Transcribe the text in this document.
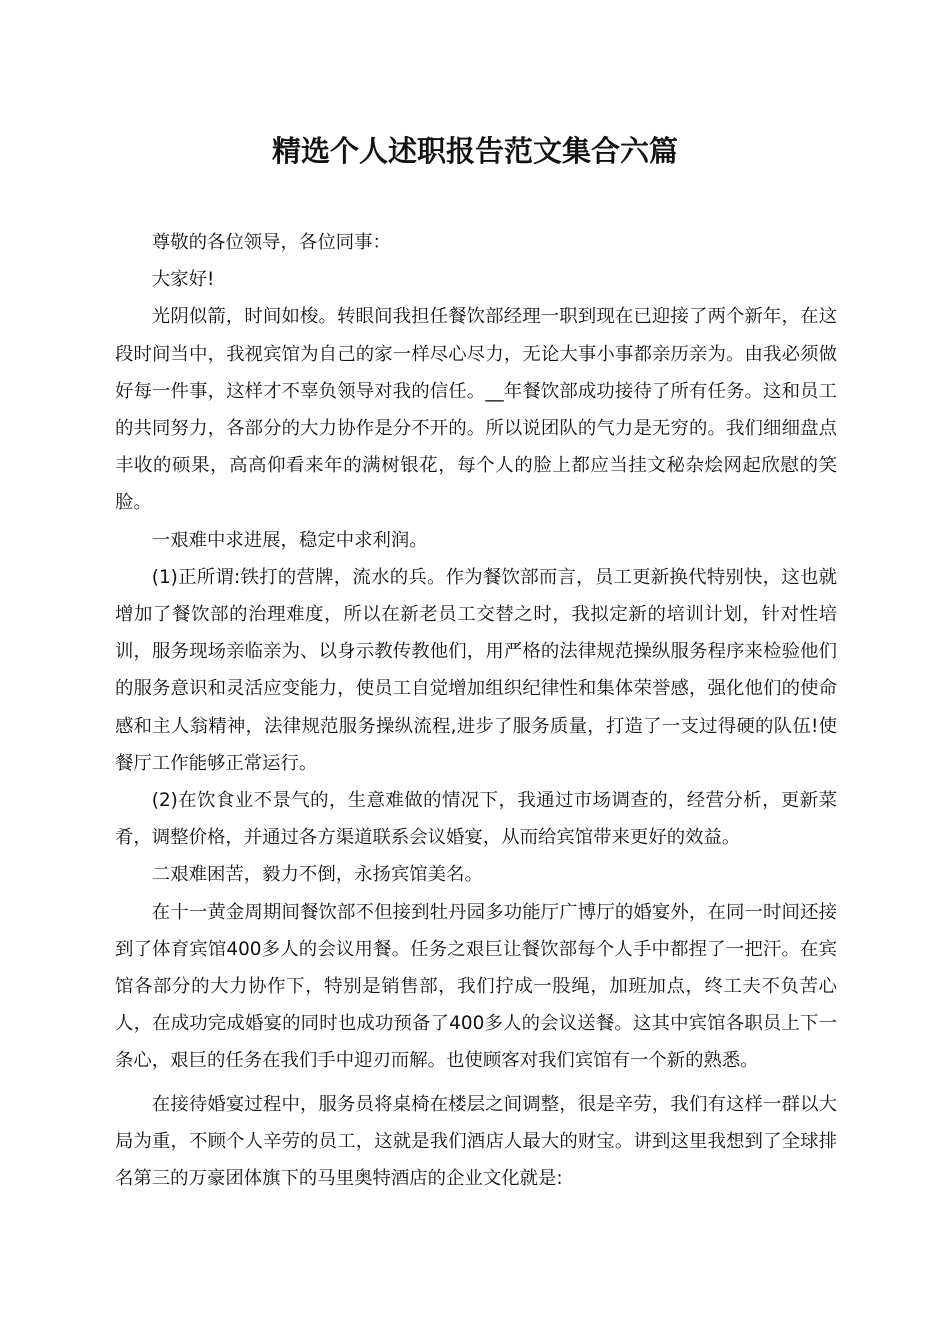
精选个人述职报告范文集合六篇

尊敬的各位领导，各位同事：

大家好!

光阴似箭，时间如梭。转眼间我担任餐饮部经理一职到现在已迎接了两个新年，在这段时间当中，我视宾馆为自己的家一样尽心尽力，无论大事小事都亲历亲为。由我必须做好每一件事，这样才不辜负领导对我的信任。__年餐饮部成功接待了所有任务。这和员工的共同努力，各部分的大力协作是分不开的。所以说团队的气力是无穷的。我们细细盘点丰收的硕果，高高仰看来年的满树银花，每个人的脸上都应当挂文秘杂烩网起欣慰的笑脸。

一艰难中求进展，稳定中求利润。

(1)正所谓:铁打的营牌，流水的兵。作为餐饮部而言，员工更新换代特别快，这也就增加了餐饮部的治理难度，所以在新老员工交替之时，我拟定新的培训计划，针对性培训，服务现场亲临亲为、以身示教传教他们，用严格的法律规范操纵服务程序来检验他们的服务意识和灵活应变能力，使员工自觉增加组织纪律性和集体荣誉感，强化他们的使命感和主人翁精神，法律规范服务操纵流程,进步了服务质量，打造了一支过得硬的队伍!使餐厅工作能够正常运行。

(2)在饮食业不景气的，生意难做的情况下，我通过市场调查的，经营分析，更新菜肴，调整价格，并通过各方渠道联系会议婚宴，从而给宾馆带来更好的效益。

二艰难困苦，毅力不倒，永扬宾馆美名。

在十一黄金周期间餐饮部不但接到牡丹园多功能厅广博厅的婚宴外，在同一时间还接到了体育宾馆400多人的会议用餐。任务之艰巨让餐饮部每个人手中都捏了一把汗。在宾馆各部分的大力协作下，特别是销售部，我们拧成一股绳，加班加点，终工夫不负苦心人，在成功完成婚宴的同时也成功预备了400多人的会议送餐。这其中宾馆各职员上下一条心，艰巨的任务在我们手中迎刃而解。也使顾客对我们宾馆有一个新的熟悉。

在接待婚宴过程中，服务员将桌椅在楼层之间调整，很是辛劳，我们有这样一群以大局为重，不顾个人辛劳的员工，这就是我们酒店人最大的财宝。讲到这里我想到了全球排名第三的万豪团体旗下的马里奥特酒店的企业文化就是:
